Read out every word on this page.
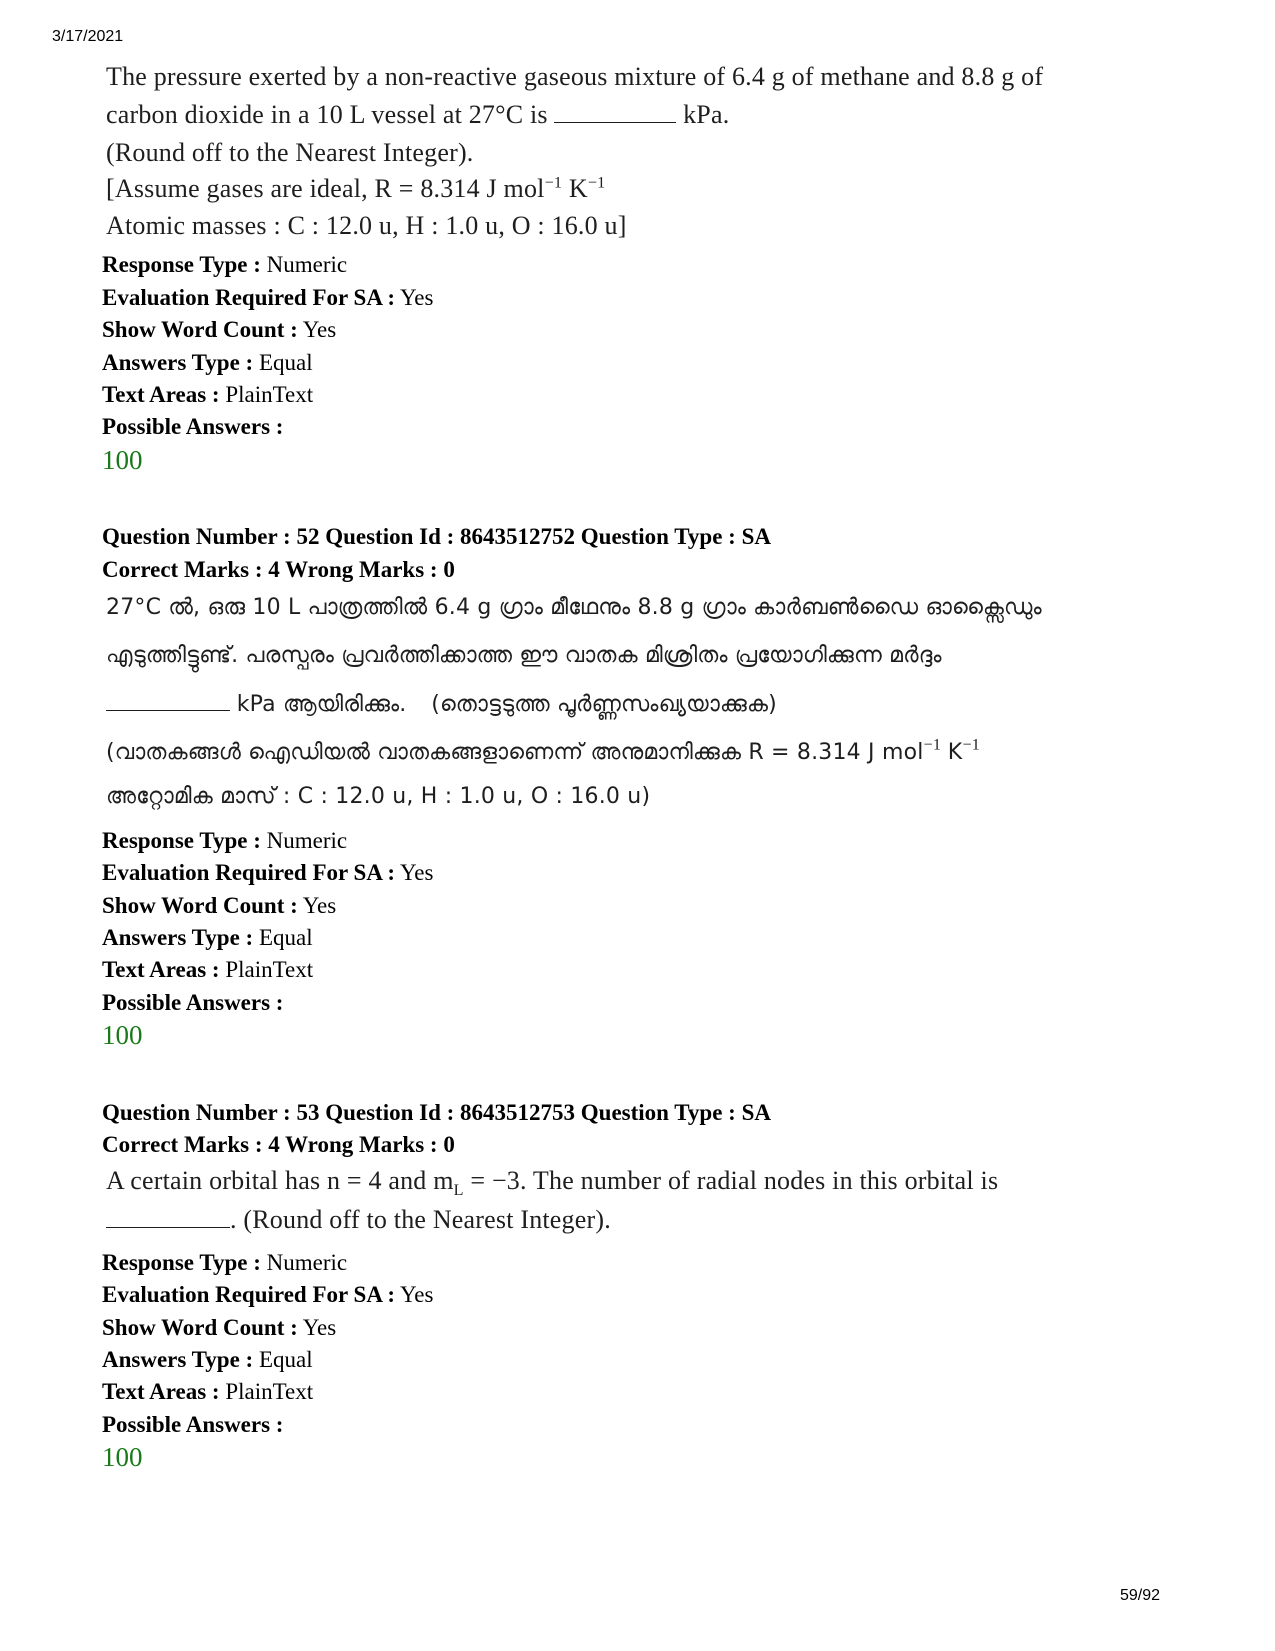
3/17/2021
The pressure exerted by a non-reactive gaseous mixture of 6.4 g of methane and 8.8 g of
carbon dioxide in a 10 L vessel at 27°C is	kPa.
(Round off to the Nearest Integer).
[Assume gases are ideal, R = 8.314 J mol$^{-1}$ $K^{-1}$
Atomic masses : C : 12.0 u, H : 1.0 u, O : 16.0 u]
Response Type : Numeric
Evaluation Required For SA : Yes
Show Word Count : Yes
Answers Type : Equal
Text Areas : PlainText
Possible Answers :
100
Question Number : 52 Question Id : 8643512752 Question Type : SA
Correct Marks : 4 Wrong Marks : 0
27°C ൽ, ഒരു 10 L പാത്രത്തിൽ 6.4 g ഗ്രാം മീഥേനും 8.8 g ഗ്രാം കാർബൺഡൈ ഓക്സൈഡും
എടുത്തിട്ടുണ്ട്. പരസ്പരം പ്രവർത്തിക്കാത്ത ഈ വാതക മിശ്രിതം പ്രയോഗിക്കുന്ന മർദ്ദം
kPa ആയിരിക്കും. (തൊട്ടടുത്ത പൂർണ്ണസംഖ്യയാക്കുക)
(വാതകങ്ങൾ ഐഡിയൽ വാതകങ്ങളാണെന്ന് അനുമാനിക്കുക R = 8.314 J mol$^{-1}$ $K^{-1}$
അറ്റോമിക മാസ് : C : 12.0 u, H : 1.0 u, O : 16.0 u)
Response Type : Numeric
Evaluation Required For SA : Yes
Show Word Count : Yes
Answers Type : Equal
Text Areas : PlainText
Possible Answers :
100
Question Number : 53 Question Id : 8643512753 Question Type : SA
Correct Marks : 4 Wrong Marks : 0
A certain orbital has n = 4 and $m_L = -3$. The number of radial nodes in this orbital is
. (Round off to the Nearest Integer).
Response Type : Numeric
Evaluation Required For SA : Yes
Show Word Count : Yes
Answers Type : Equal
Text Areas : PlainText
Possible Answers :
100
59/92
